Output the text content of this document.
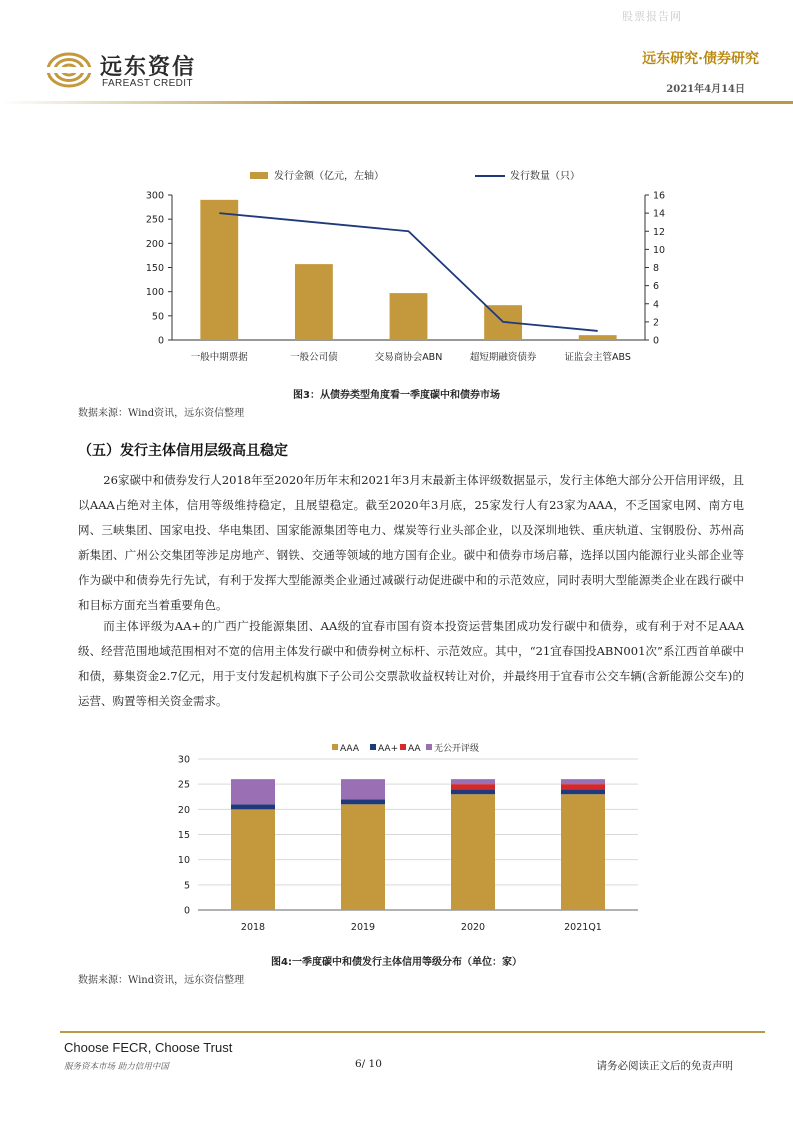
股票报告网
远东资信
FAREAST CREDIT
远东研究·债券研究
2021年4月14日
发行金额（亿元，左轴）	发行数量（只）
0
50
100
150
200
250
300
0
2
4
6
8
10
12
14
16
一般中期票据	一般公司债	交易商协会ABN	超短期融资债券	证监会主管ABS
图3：从债券类型角度看一季度碳中和债券市场
数据来源：Wind资讯，远东资信整理
（五）发行主体信用层级高且稳定
26家碳中和债券发行人2018年至2020年历年末和2021年3月末最新主体评级数据显示，发行主体绝大部分公开信用评级，且以AAA占绝对主体，信用等级维持稳定，且展望稳定。截至2020年3月底，25家发行人有23家为AAA，不乏国家电网、南方电网、三峡集团、国家电投、华电集团、国家能源集团等电力、煤炭等行业头部企业，以及深圳地铁、重庆轨道、宝钢股份、苏州高新集团、广州公交集团等涉足房地产、钢铁、交通等领域的地方国有企业。碳中和债券市场启幕，选择以国内能源行业头部企业等作为碳中和债券先行先试，有利于发挥大型能源类企业通过减碳行动促进碳中和的示范效应，同时表明大型能源类企业在践行碳中和目标方面充当着重要角色。
而主体评级为AA+的广西广投能源集团、AA级的宜春市国有资本投资运营集团成功发行碳中和债券，或有利于对不足AAA级、经营范围地域范围相对不宽的信用主体发行碳中和债券树立标杆、示范效应。其中，“21宜春国投ABN001次”系江西首单碳中和债，募集资金2.7亿元，用于支付发起机构旗下子公司公交票款收益权转让对价，并最终用于宜春市公交车辆(含新能源公交车)的运营、购置等相关资金需求。
AAA AA+ AA 无公开评级
0
5
10
15
20
25
30
2018	2019	2020	2021Q1
图4:一季度碳中和债发行主体信用等级分布（单位：家）
数据来源：Wind资讯，远东资信整理
Choose FECR, Choose Trust
服务资本市场 助力信用中国	6/ 10	请务必阅读正文后的免责声明
